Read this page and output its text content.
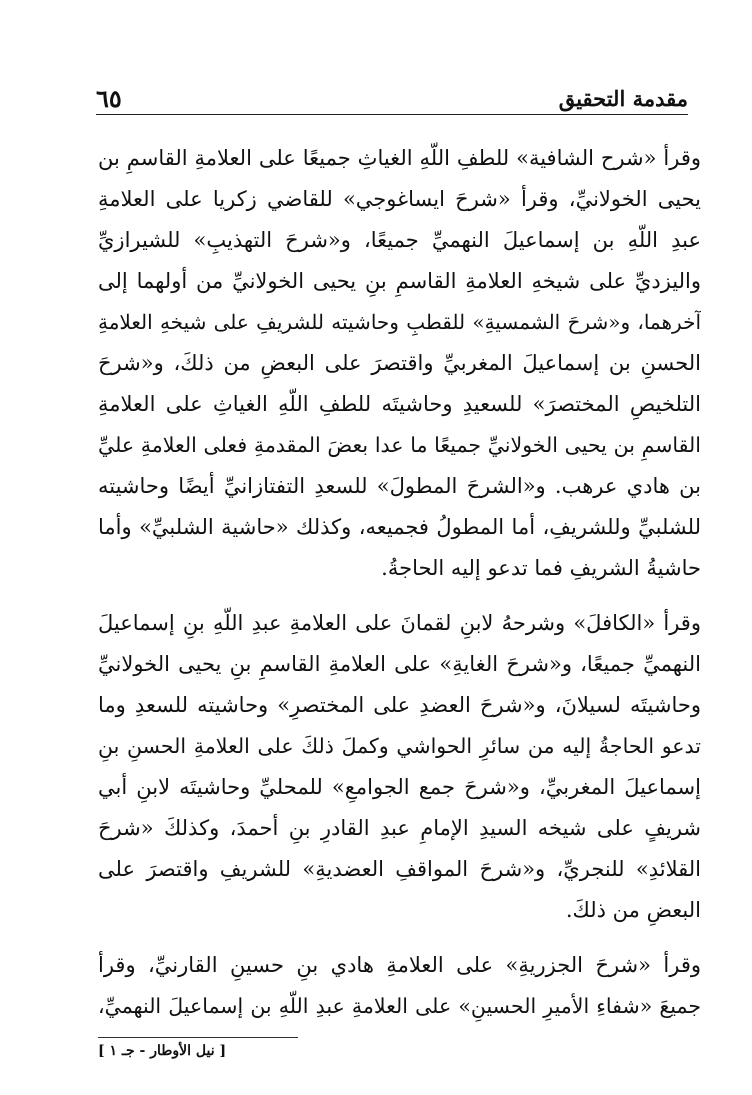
مقدمة التحقيق
٦٥
وقرأ «شرح الشافية» للطفِ اللّهِ الغياثِ جميعًا على العلامةِ القاسمِ بن
يحيى الخولانيِّ، وقرأ «شرحَ ايساغوجي» للقاضي زكريا على العلامةِ
عبدِ اللّهِ بن إسماعيلَ النهميِّ جميعًا، و«شرحَ التهذيبِ» للشيرازيِّ
واليزديِّ على شيخهِ العلامةِ القاسمِ بنِ يحيى الخولانيِّ من أولهما إلى
آخرهما، و«شرحَ الشمسيةِ» للقطبِ وحاشيته للشريفِ على شيخهِ العلامةِ
الحسنِ بن إسماعيلَ المغربيِّ واقتصرَ على البعضِ من ذلكَ، و«شرحَ
التلخيصِ المختصرَ» للسعيدِ وحاشيتَه للطفِ اللّهِ الغياثِ على العلامةِ
القاسمِ بن يحيى الخولانيِّ جميعًا ما عدا بعضَ المقدمةِ فعلى العلامةِ عليِّ
بن هادي عرهب. و«الشرحَ المطولَ» للسعدِ التفتازانيِّ أيضًا وحاشيته
للشلبيِّ وللشريفِ، أما المطولُ فجميعه، وكذلك «حاشية الشلبيِّ» وأما
حاشيةُ الشريفِ فما تدعو إليه الحاجةُ.
وقرأ «الكافلَ» وشرحهُ لابنِ لقمانَ على العلامةِ عبدِ اللّهِ بنِ إسماعيلَ
النهميِّ جميعًا، و«شرحَ الغايةِ» على العلامةِ القاسمِ بنِ يحيى الخولانيِّ
وحاشيتَه لسيلانَ، و«شرحَ العضدِ على المختصرِ» وحاشيته للسعدِ وما
تدعو الحاجةُ إليه من سائرِ الحواشي وكملَ ذلكَ على العلامةِ الحسنِ بنِ
إسماعيلَ المغربيِّ، و«شرحَ جمع الجوامعِ» للمحليِّ وحاشيتَه لابنِ أبي
شريفٍ على شيخه السيدِ الإمامِ عبدِ القادرِ بنِ أحمدَ، وكذلكَ «شرحَ
القلائدِ» للنجريِّ، و«شرحَ المواقفِ العضديةِ» للشريفِ واقتصرَ على
البعضِ من ذلكَ.
وقرأ «شرحَ الجزريةِ» على العلامةِ هادي بنِ حسينِ القارنيِّ، وقرأ
جميعَ «شفاءِ الأميرِ الحسينِ» على العلامةِ عبدِ اللّهِ بن إسماعيلَ النهميِّ،
[ نيل الأوطار - جـ ١ ]
